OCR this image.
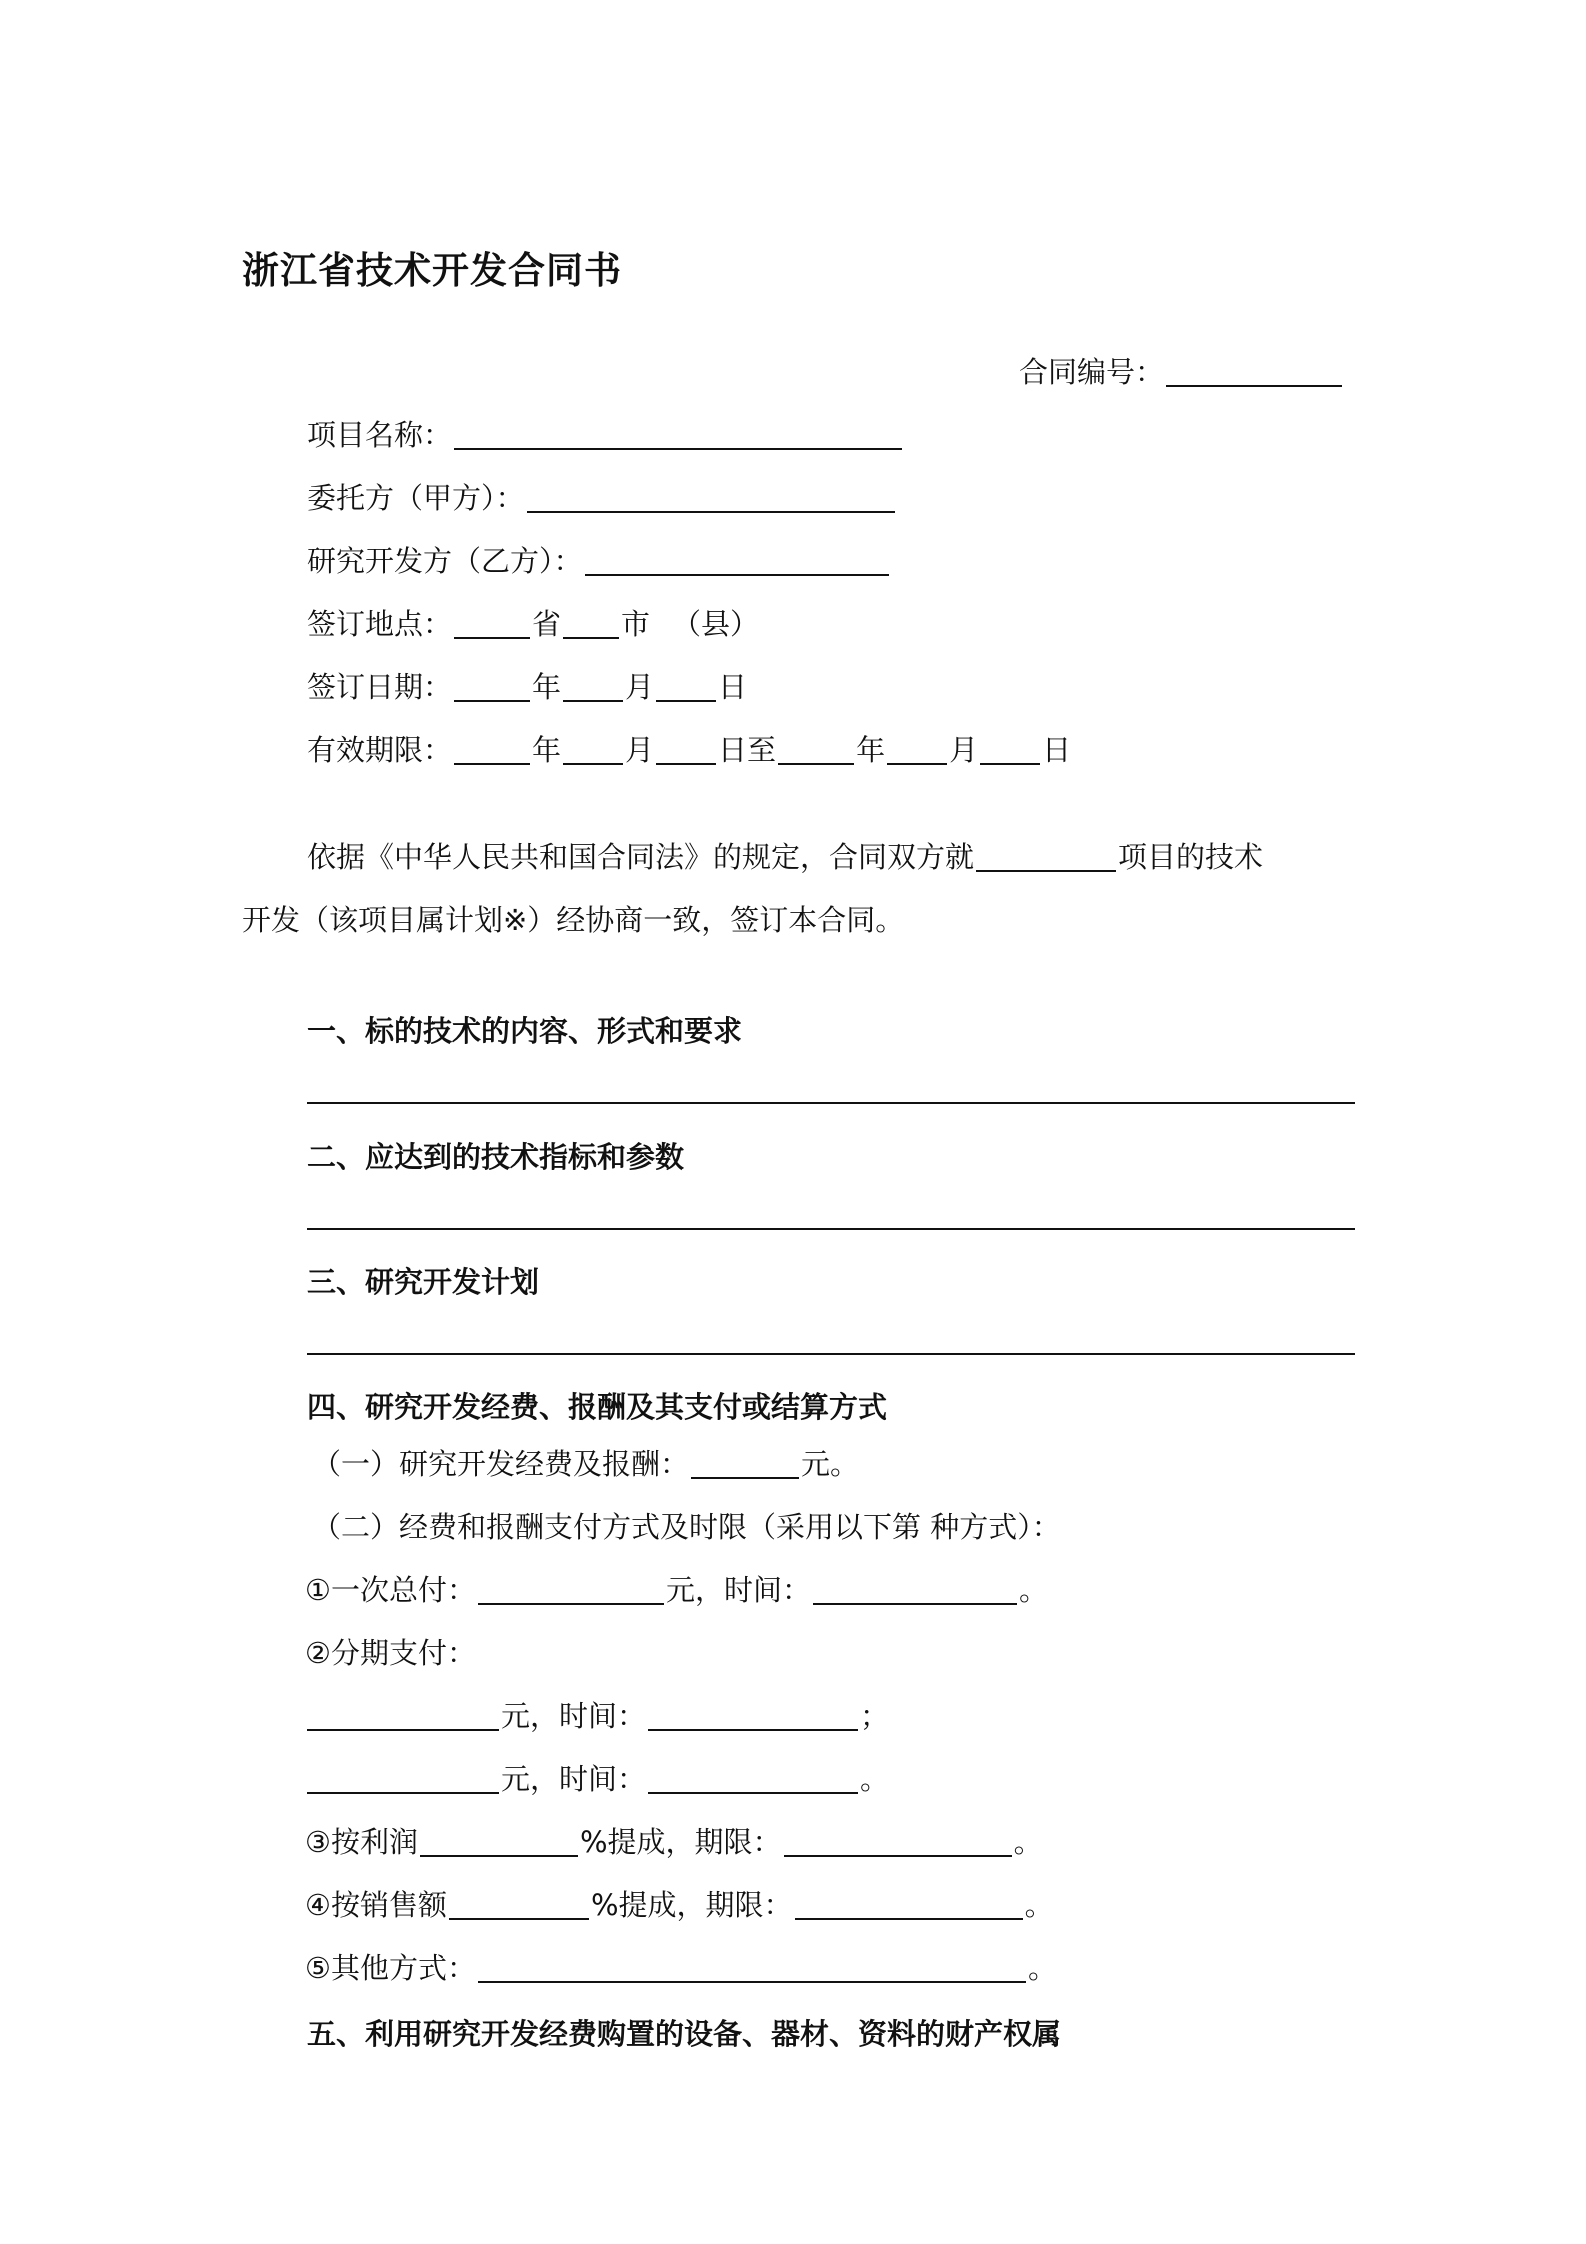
浙江省技术开发合同书
合同编号：
项目名称：
委托方（甲方）：
研究开发方（乙方）：
签订地点：	省 市 （县）
签订日期：	年 月 日
有效期限：	年 月 日至	年 月 日
依据《中华人民共和国合同法》的规定，合同双方就	项目的技术
开发（该项目属计划※）经协商一致，签订本合同。
一、标的技术的内容、形式和要求
二、应达到的技术指标和参数
三、研究开发计划
四、研究开发经费、报酬及其支付或结算方式
（一）研究开发经费及报酬：	元。
（二）经费和报酬支付方式及时限（采用以下第 种方式）：
①一次总付：	元，时间：	。
②分期支付：
元，时间：	；
元，时间：	。
③按利润	%提成，期限：	。
④按销售额	%提成，期限：	。
⑤其他方式：	。
五、利用研究开发经费购置的设备、器材、资料的财产权属
